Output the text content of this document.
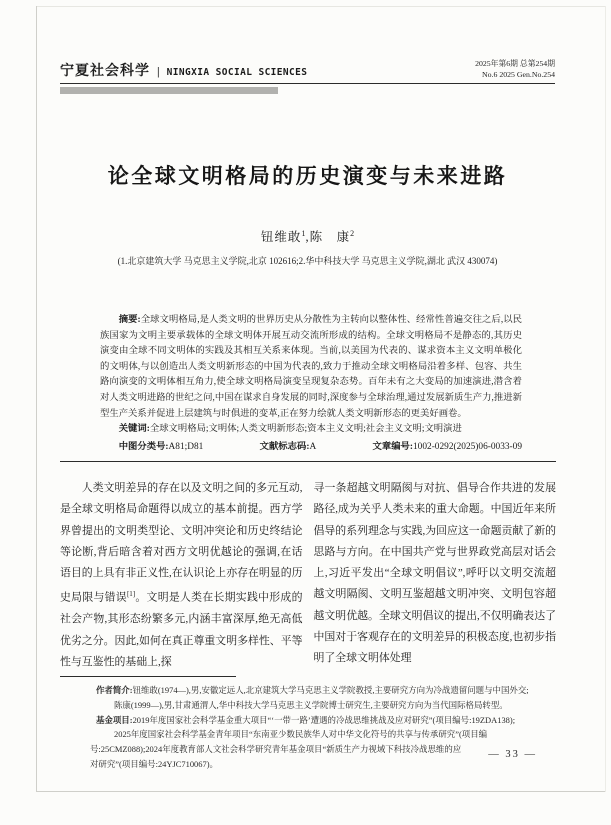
宁夏社会科学 | NINGXIA SOCIAL SCIENCES
2025年第6期 总第254期
No.6 2025 Gen.No.254
论全球文明格局的历史演变与未来进路
钮维敢$^1$,陈　康$^2$
(1.北京建筑大学 马克思主义学院,北京 102616;2.华中科技大学 马克思主义学院,湖北 武汉 430074)

摘要:全球文明格局,是人类文明的世界历史从分散性为主转向以整体性、经常性普遍交往之后,以民族国家为文明主要承载体的全球文明体开展互动交流所形成的结构。全球文明格局不是静态的,其历史演变由全球不同文明体的实践及其相互关系来体现。当前,以美国为代表的、谋求资本主义文明单极化的文明体,与以创造出人类文明新形态的中国为代表的,致力于推动全球文明格局沿着多样、包容、共生路向演变的文明体相互角力,使全球文明格局演变呈现复杂态势。百年未有之大变局的加速演进,潜含着对人类文明进路的世纪之问,中国在谋求自身发展的同时,深度参与全球治理,通过发展新质生产力,推进新型生产关系并促进上层建筑与时俱进的变革,正在努力绘就人类文明新形态的更美好画卷。

关键词:全球文明格局;文明体;人类文明新形态;资本主义文明;社会主义文明;文明演进

中图分类号:A81;D81	文献标志码:A	文章编号:1002-0292(2025)06-0033-09

人类文明差异的存在以及文明之间的多元互动,是全球文明格局命题得以成立的基本前提。西方学界曾提出的文明类型论、文明冲突论和历史终结论等论断,背后暗含着对西方文明优越论的强调,在话语目的上具有非正义性,在认识论上亦存在明显的历史局限与错误[1]。文明是人类在长期实践中形成的社会产物,其形态纷繁多元,内涵丰富深厚,绝无高低优劣之分。因此,如何在真正尊重文明多样性、平等性与互鉴性的基础上,探

寻一条超越文明隔阂与对抗、倡导合作共进的发展路径,成为关乎人类未来的重大命题。中国近年来所倡导的系列理念与实践,为回应这一命题贡献了新的思路与方向。在中国共产党与世界政党高层对话会上,习近平发出“全球文明倡议”,呼吁以文明交流超越文明隔阂、文明互鉴超越文明冲突、文明包容超越文明优越。全球文明倡议的提出,不仅明确表达了中国对于客观存在的文明差异的积极态度,也初步指明了全球文明体处理

作者简介:钮维敢(1974—),男,安徽定远人,北京建筑大学马克思主义学院教授,主要研究方向为冷战遗留问题与中国外交;
陈康(1999—),男,甘肃通渭人,华中科技大学马克思主义学院博士研究生,主要研究方向为当代国际格局转型。
基金项目:2019年度国家社会科学基金重大项目“‘一带一路’遭遇的冷战思维挑战及应对研究”(项目编号:19ZDA138);
2025年度国家社会科学基金青年项目“东南亚少数民族华人对中华文化符号的共享与传承研究”(项目编
号:25CMZ088);2024年度教育部人文社会科学研究青年基金项目“新质生产力视域下科技冷战思维的应
对研究”(项目编号:24YJC710067)。
— 33 —
